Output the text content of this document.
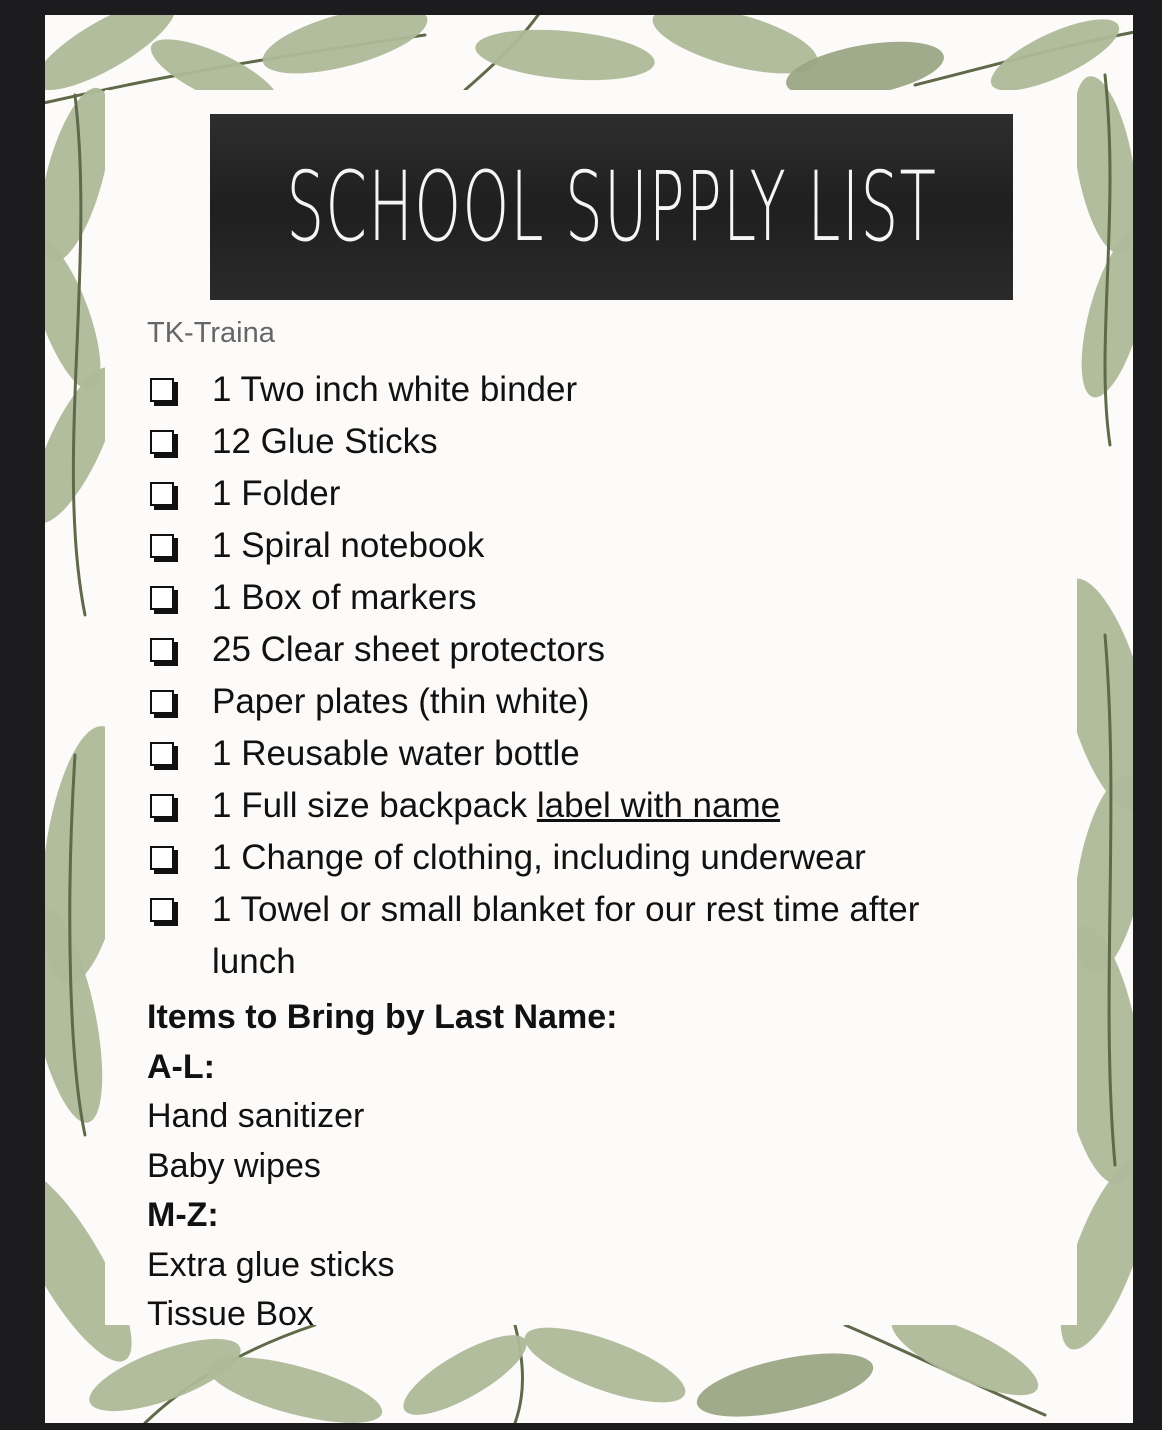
SCHOOL SUPPLY LIST
TK-Traina
1 Two inch white binder
12 Glue Sticks
1 Folder
1 Spiral notebook
1 Box of markers
25 Clear sheet protectors
Paper plates (thin white)
1 Reusable water bottle
1 Full size backpack label with name
1 Change of clothing, including underwear
1 Towel or small blanket for our rest time after lunch
Items to Bring by Last Name:
A-L:
Hand sanitizer
Baby wipes
M-Z:
Extra glue sticks
Tissue Box
